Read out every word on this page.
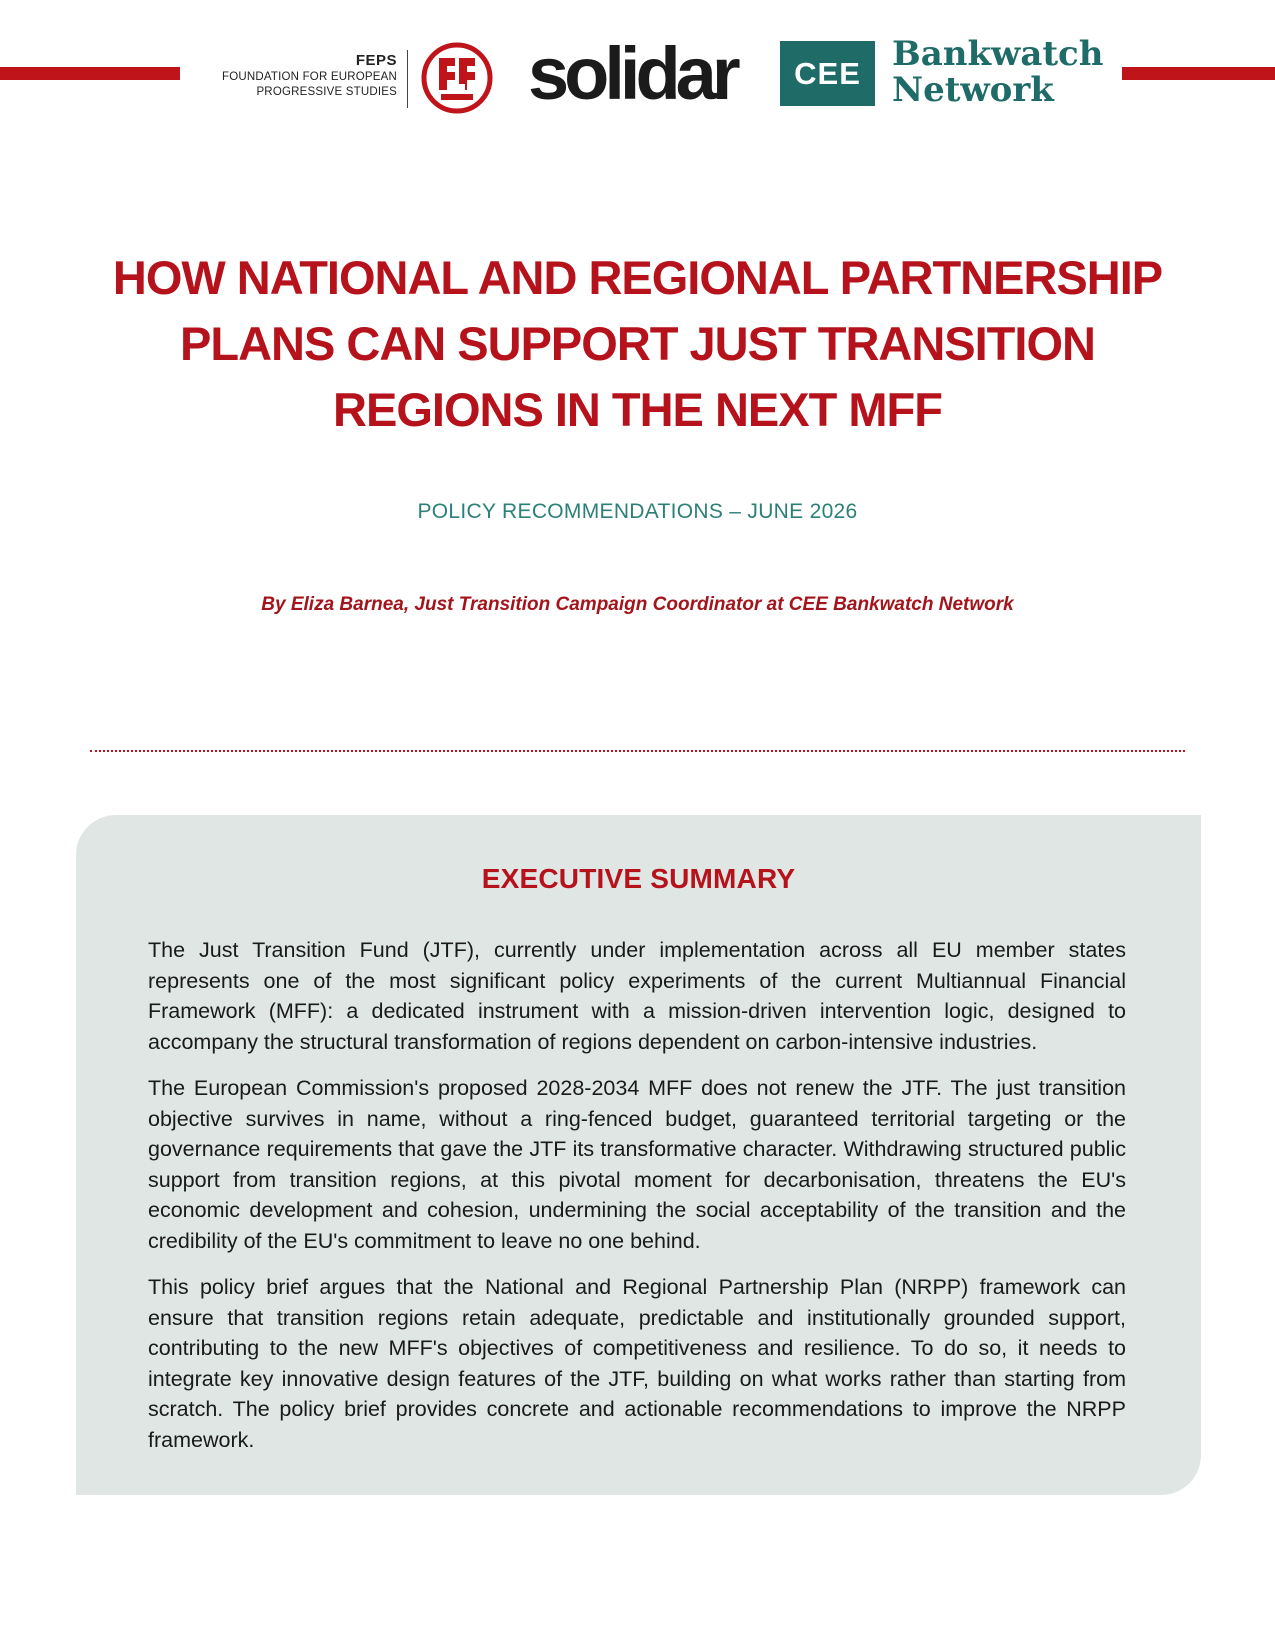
FEPS
FOUNDATION FOR EUROPEAN
PROGRESSIVE STUDIES solidar	CEE Bankwatch
Network
HOW NATIONAL AND REGIONAL PARTNERSHIP
PLANS CAN SUPPORT JUST TRANSITION
REGIONS IN THE NEXT MFF
POLICY RECOMMENDATIONS – JUNE 2026
By Eliza Barnea, Just Transition Campaign Coordinator at CEE Bankwatch Network
EXECUTIVE SUMMARY

The Just Transition Fund (JTF), currently under implementation across all EU member states represents one of the most significant policy experiments of the current Multiannual Financial Framework (MFF): a dedicated instrument with a mission-driven intervention logic, designed to accompany the structural transformation of regions dependent on carbon-intensive industries.

The European Commission's proposed 2028-2034 MFF does not renew the JTF. The just transition objective survives in name, without a ring-fenced budget, guaranteed territorial targeting or the governance requirements that gave the JTF its transformative character. Withdrawing structured public support from transition regions, at this pivotal moment for decarbonisation, threatens the EU's economic development and cohesion, undermining the social acceptability of the transition and the credibility of the EU's commitment to leave no one behind.

This policy brief argues that the National and Regional Partnership Plan (NRPP) framework can ensure that transition regions retain adequate, predictable and institutionally grounded support, contributing to the new MFF's objectives of competitiveness and resilience. To do so, it needs to integrate key innovative design features of the JTF, building on what works rather than starting from scratch. The policy brief provides concrete and actionable recommendations to improve the NRPP framework.
